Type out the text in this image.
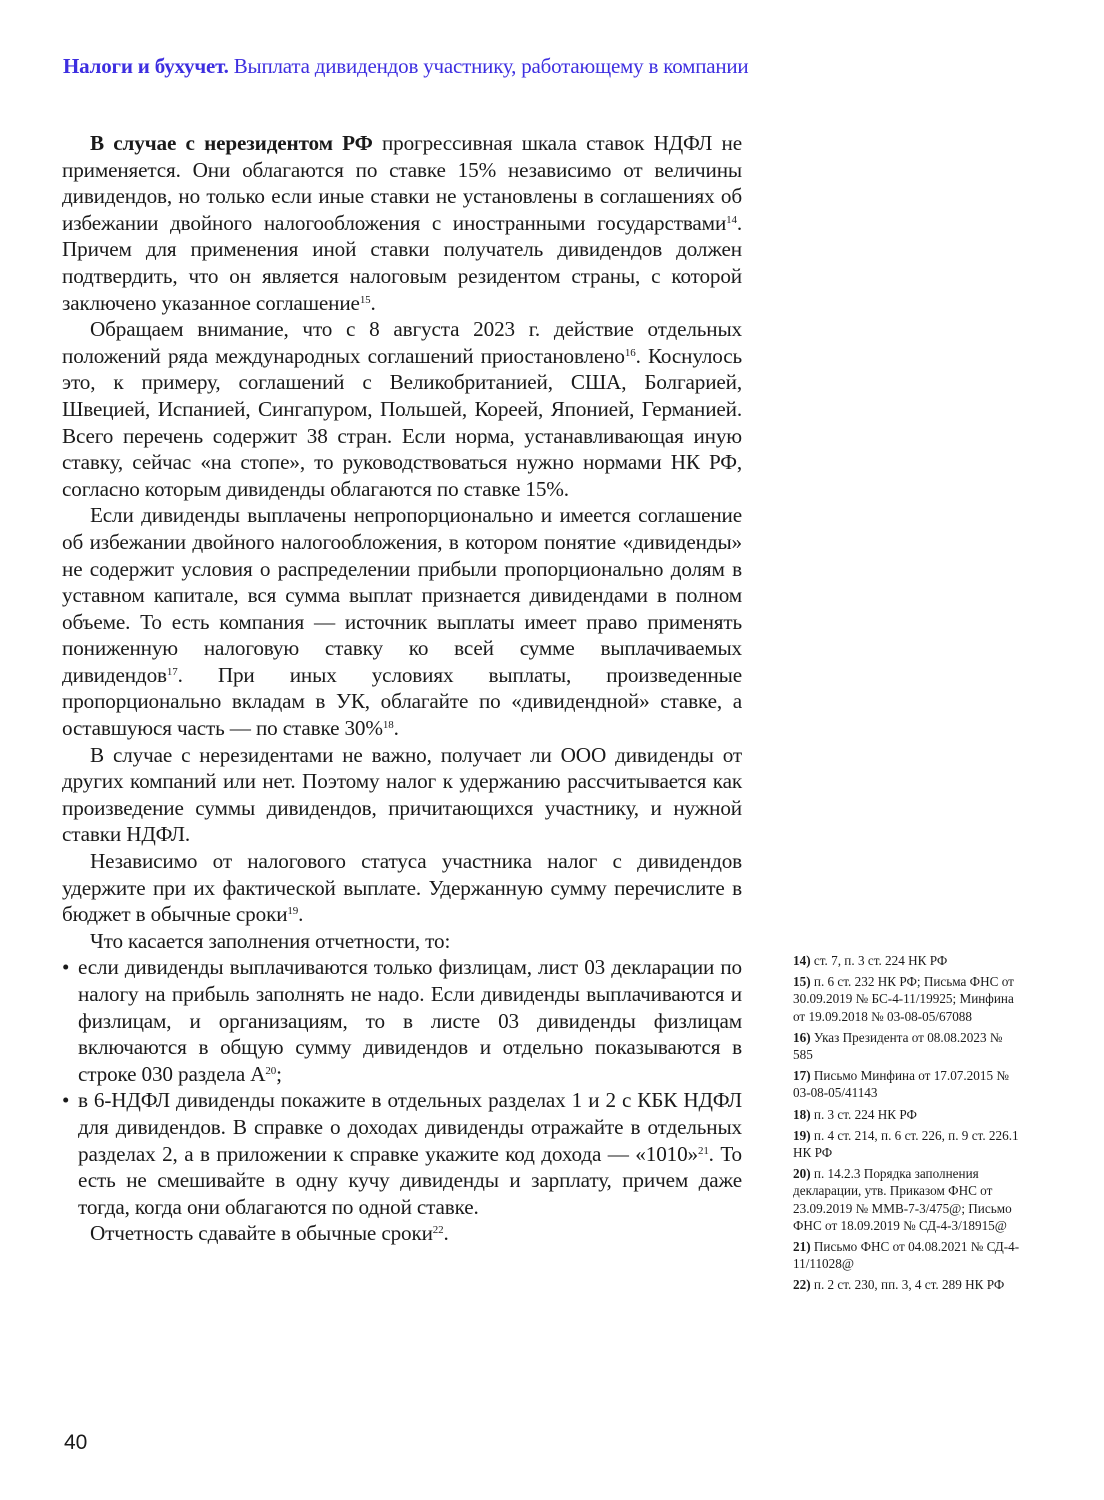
Налоги и бухучет. Выплата дивидендов участнику, работающему в компании

В случае с нерезидентом РФ прогрессивная шкала ставок НДФЛ не применяется. Они облагаются по ставке 15% независимо от величины дивидендов, но только если иные ставки не установлены в соглашениях об избежании двойного налогообложения с иностранными государствами$^{14}$. Причем для применения иной ставки получатель дивидендов должен подтвердить, что он является налоговым резидентом страны, с которой заключено указанное соглашение$^{15}$.

Обращаем внимание, что с 8 августа 2023 г. действие отдельных положений ряда международных соглашений приостановлено$^{16}$. Коснулось это, к примеру, соглашений с Великобританией, США, Болгарией, Швецией, Испанией, Сингапуром, Польшей, Кореей, Японией, Германией. Всего перечень содержит 38 стран. Если норма, устанавливающая иную ставку, сейчас «на стопе», то руководствоваться нужно нормами НК РФ, согласно которым дивиденды облагаются по ставке 15%.

Если дивиденды выплачены непропорционально и имеется соглашение об избежании двойного налогообложения, в котором понятие «дивиденды» не содержит условия о распределении прибыли пропорционально долям в уставном капитале, вся сумма выплат признается дивидендами в полном объеме. То есть компания — источник выплаты имеет право применять пониженную налоговую ставку ко всей сумме выплачиваемых дивидендов$^{17}$. При иных условиях выплаты, произведенные пропорционально вкладам в УК, облагайте по «дивидендной» ставке, а оставшуюся часть — по ставке 30%$^{18}$.

В случае с нерезидентами не важно, получает ли ООО дивиденды от других компаний или нет. Поэтому налог к удержанию рассчитывается как произведение суммы дивидендов, причитающихся участнику, и нужной ставки НДФЛ.

Независимо от налогового статуса участника налог с дивидендов удержите при их фактической выплате. Удержанную сумму перечислите в бюджет в обычные сроки$^{19}$.

Что касается заполнения отчетности, то:

• если дивиденды выплачиваются только физлицам, лист 03 декларации по налогу на прибыль заполнять не надо. Если дивиденды выплачиваются и физлицам, и организациям, то в листе 03 дивиденды физлицам включаются в общую сумму дивидендов и отдельно показываются в строке 030 раздела $А^{20}$;
• в 6-НДФЛ дивиденды покажите в отдельных разделах 1 и 2 с КБК НДФЛ для дивидендов. В справке о доходах дивиденды отражайте в отдельных разделах 2, а в приложении к справке укажите код дохода — «1010»$^{21}$. То есть не смешивайте в одну кучу дивиденды и зарплату, причем даже тогда, когда они облагаются по одной ставке.

Отчетность сдавайте в обычные сроки$^{22}$.

14) ст. 7, п. 3 ст. 224 НК РФ
15) п. 6 ст. 232 НК РФ; Письма ФНС от 30.09.2019 № БС-4-11/19925; Минфина от 19.09.2018 № 03-08-05/67088
16) Указ Президента от 08.08.2023 № 585
17) Письмо Минфина от 17.07.2015 № 03-08-05/41143
18) п. 3 ст. 224 НК РФ
19) п. 4 ст. 214, п. 6 ст. 226, п. 9 ст. 226.1 НК РФ
20) п. 14.2.3 Порядка заполнения декларации, утв. Приказом ФНС от 23.09.2019 № ММВ-7-3/475@; Письмо ФНС от 18.09.2019 № СД-4-3/18915@
21) Письмо ФНС от 04.08.2021 № СД-4-11/11028@
22) п. 2 ст. 230, пп. 3, 4 ст. 289 НК РФ
40
